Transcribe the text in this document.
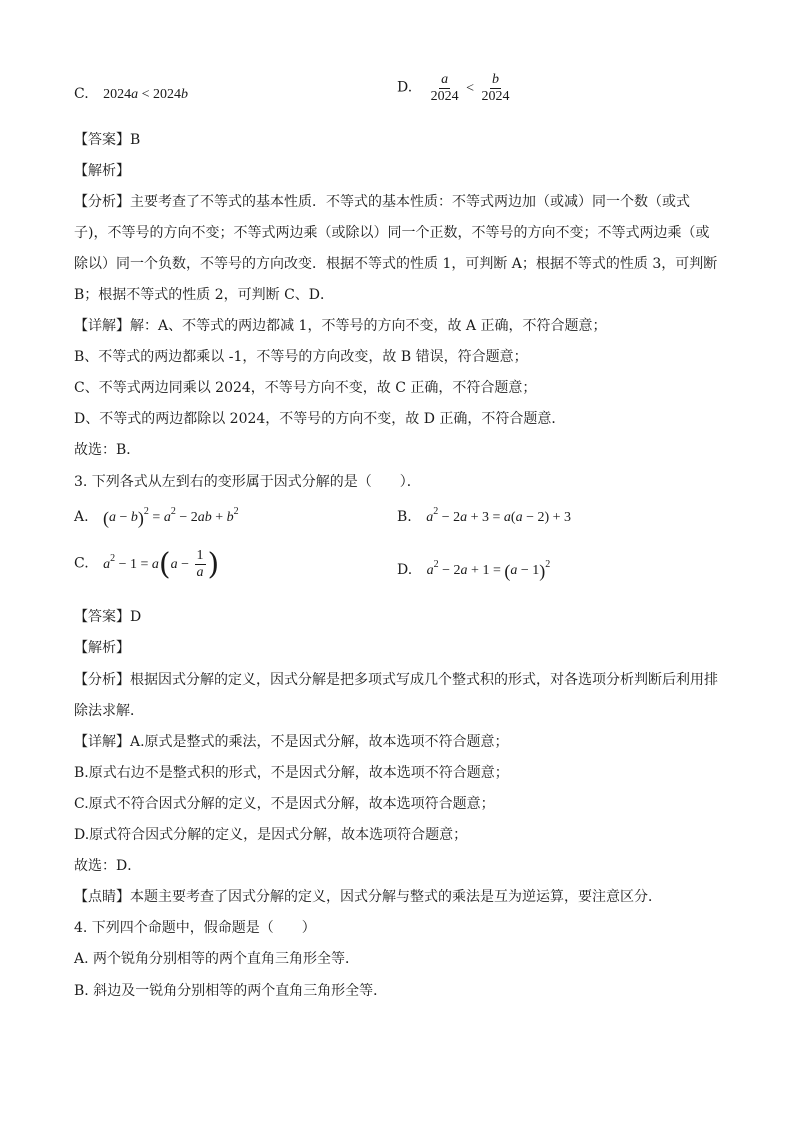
C. 2024a < 2024b	D. $\frac{a}{2024} < \frac{b}{2024}$
【答案】B
【解析】
【分析】主要考查了不等式的基本性质．不等式的基本性质：不等式两边加（或减）同一个数（或式
子)，不等号的方向不变；不等式两边乘（或除以）同一个正数，不等号的方向不变；不等式两边乘（或
除以）同一个负数，不等号的方向改变．根据不等式的性质 1，可判断 A；根据不等式的性质 3，可判断
B；根据不等式的性质 2，可判断 C、D．
【详解】解：A、不等式的两边都减 1，不等号的方向不变，故 A 正确，不符合题意；
B、不等式的两边都乘以 -1，不等号的方向改变，故 B 错误，符合题意；
C、不等式两边同乘以 2024，不等号方向不变，故 C 正确，不符合题意；
D、不等式的两边都除以 2024，不等号的方向不变，故 D 正确，不符合题意．
故选：B．
3. 下列各式从左到右的变形属于因式分解的是（　　）．
A. $(a - b)^2 = a^2 - 2ab + b^2$	B. $a^2 - 2a + 3 = a(a - 2) + 3$
C. $a^2 - 1 = a(a - \frac{1}{a}$ )	D. $a^2 - 2a + 1 = (a - 1)^2$
【答案】D
【解析】
【分析】根据因式分解的定义，因式分解是把多项式写成几个整式积的形式，对各选项分析判断后利用排
除法求解．
【详解】A.原式是整式的乘法，不是因式分解，故本选项不符合题意；
B.原式右边不是整式积的形式，不是因式分解，故本选项不符合题意；
C.原式不符合因式分解的定义，不是因式分解，故本选项符合题意；
D.原式符合因式分解的定义，是因式分解，故本选项符合题意；
故选：D．
【点睛】本题主要考查了因式分解的定义，因式分解与整式的乘法是互为逆运算，要注意区分．
4. 下列四个命题中，假命题是（　　）
A. 两个锐角分别相等的两个直角三角形全等．
B. 斜边及一锐角分别相等的两个直角三角形全等．
